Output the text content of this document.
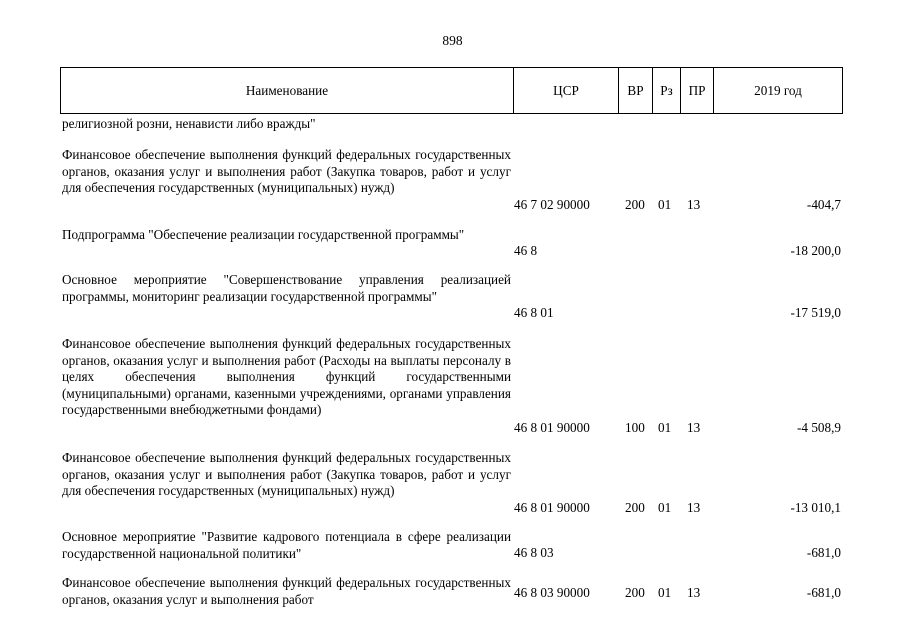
898
Наименование	ЦСР	ВР	Рз	ПР	2019 год
религиозной розни, ненависти либо вражды"
Финансовое обеспечение выполнения функций федеральных государственных органов, оказания услуг и выполнения работ (Закупка товаров, работ и услуг для обеспечения государственных (муниципальных) нужд)
46 7 02 90000	200 01 13	-404,7
Подпрограмма "Обеспечение реализации государственной программы"
46 8	-18 200,0
Основное мероприятие "Совершенствование управления реализацией программы, мониторинг реализации государственной программы"
46 8 01	-17 519,0
Финансовое обеспечение выполнения функций федеральных государственных органов, оказания услуг и выполнения работ (Расходы на выплаты персоналу в целях обеспечения выполнения функций государственными (муниципальными) органами, казенными учреждениями, органами управления государственными внебюджетными фондами)
46 8 01 90000	100 01 13	-4 508,9
Финансовое обеспечение выполнения функций федеральных государственных органов, оказания услуг и выполнения работ (Закупка товаров, работ и услуг для обеспечения государственных (муниципальных) нужд)
46 8 01 90000	200 01 13	-13 010,1
Основное мероприятие "Развитие кадрового потенциала в сфере реализации государственной национальной политики"	46 8 03	-681,0
Финансовое обеспечение выполнения функций федеральных государственных органов, оказания услуг и выполнения работ	46 8 03 90000	200 01 13	-681,0
